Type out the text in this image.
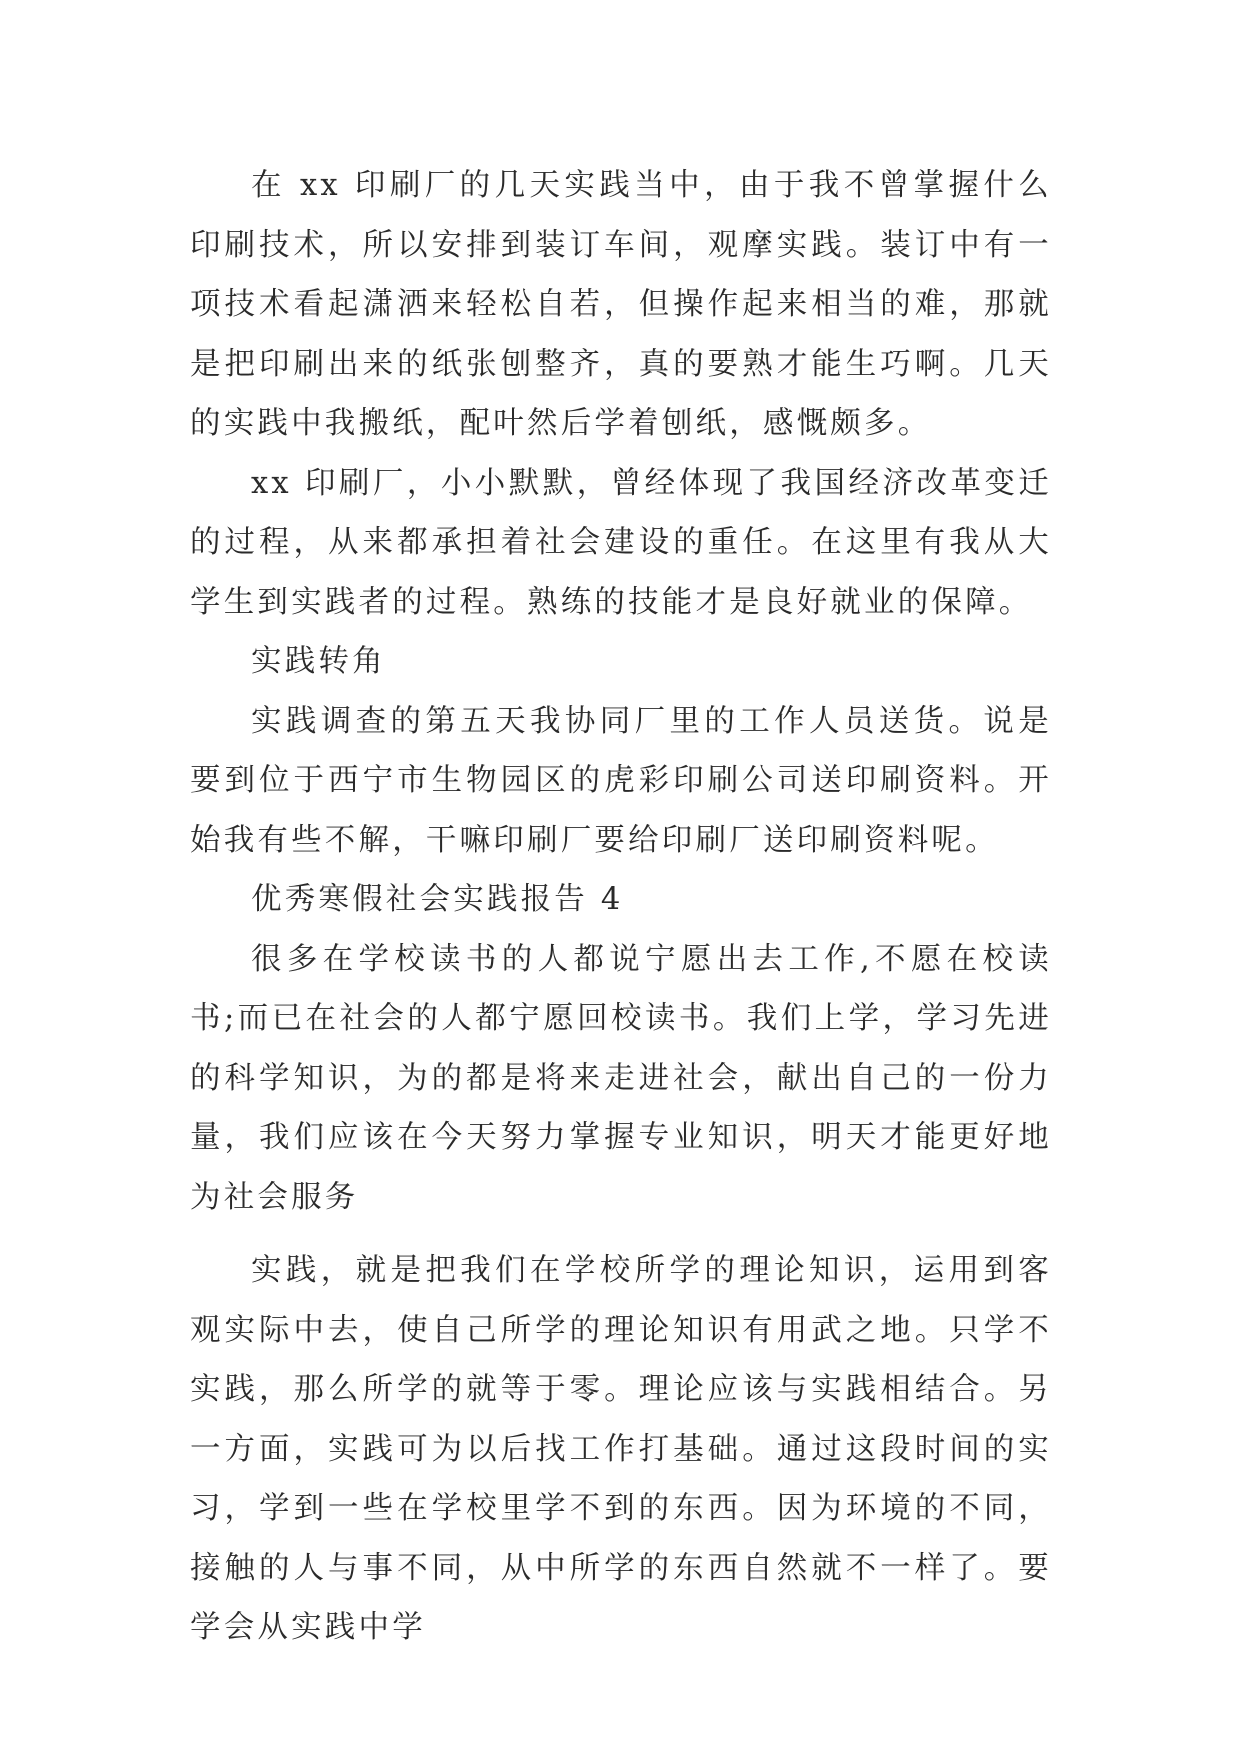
在 xx 印刷厂的几天实践当中，由于我不曾掌握什么印刷技术，所以安排到装订车间，观摩实践。装订中有一项技术看起潇洒来轻松自若，但操作起来相当的难，那就是把印刷出来的纸张刨整齐，真的要熟才能生巧啊。几天的实践中我搬纸，配叶然后学着刨纸，感慨颇多。

xx 印刷厂，小小默默，曾经体现了我国经济改革变迁的过程，从来都承担着社会建设的重任。在这里有我从大学生到实践者的过程。熟练的技能才是良好就业的保障。

实践转角

实践调查的第五天我协同厂里的工作人员送货。说是要到位于西宁市生物园区的虎彩印刷公司送印刷资料。开始我有些不解，干嘛印刷厂要给印刷厂送印刷资料呢。

优秀寒假社会实践报告 4

很多在学校读书的人都说宁愿出去工作,不愿在校读书;而已在社会的人都宁愿回校读书。我们上学，学习先进的科学知识，为的都是将来走进社会，献出自己的一份力量，我们应该在今天努力掌握专业知识，明天才能更好地为社会服务

实践，就是把我们在学校所学的理论知识，运用到客观实际中去，使自己所学的理论知识有用武之地。只学不实践，那么所学的就等于零。理论应该与实践相结合。另一方面，实践可为以后找工作打基础。通过这段时间的实习，学到一些在学校里学不到的东西。因为环境的不同，接触的人与事不同，从中所学的东西自然就不一样了。要学会从实践中学
